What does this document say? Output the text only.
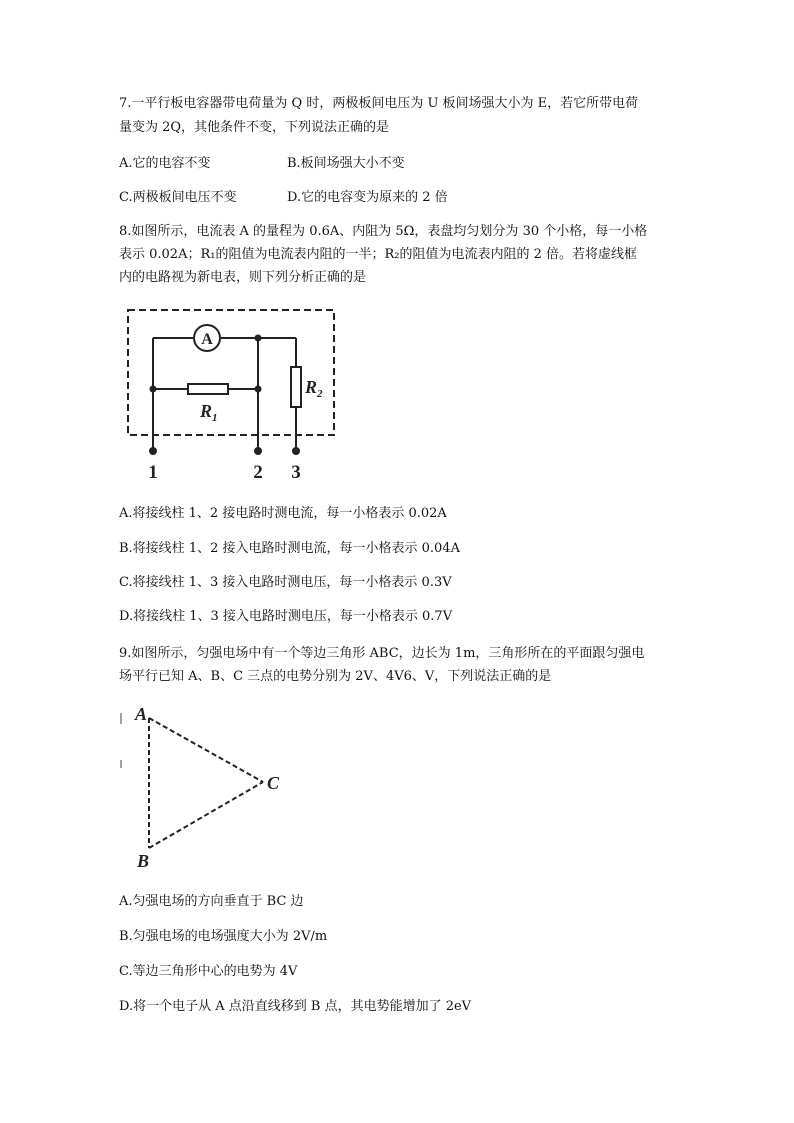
7.一平行板电容器带电荷量为 Q 时，两极板间电压为 U 板间场强大小为 E，若它所带电荷
量变为 2Q，其他条件不变，下列说法正确的是
A.它的电容不变	B.板间场强大小不变
C.两极板间电压不变	D.它的电容变为原来的 2 倍
8.如图所示，电流表 A 的量程为 0.6A、内阻为 5Ω，表盘均匀划分为 30 个小格，每一小格
表示 0.02A；R₁的阻值为电流表内阻的一半；R₂的阻值为电流表内阻的 2 倍。若将虚线框
内的电路视为新电表，则下列分析正确的是
A
$R_1$
$R_2$
1	2 3
A.将接线柱 1、2 接电路时测电流，每一小格表示 0.02A
B.将接线柱 1、2 接入电路时测电流，每一小格表示 0.04A
C.将接线柱 1、3 接入电路时测电压，每一小格表示 0.3V
D.将接线柱 1、3 接入电路时测电压，每一小格表示 0.7V
9.如图所示，匀强电场中有一个等边三角形 ABC，边长为 1m，三角形所在的平面跟匀强电
场平行已知 A、B、C 三点的电势分别为 2V、4V6、V，下列说法正确的是
A
B
C
A.匀强电场的方向垂直于 BC 边
B.匀强电场的电场强度大小为 2V/m
C.等边三角形中心的电势为 4V
D.将一个电子从 A 点沿直线移到 B 点，其电势能增加了 2eV
